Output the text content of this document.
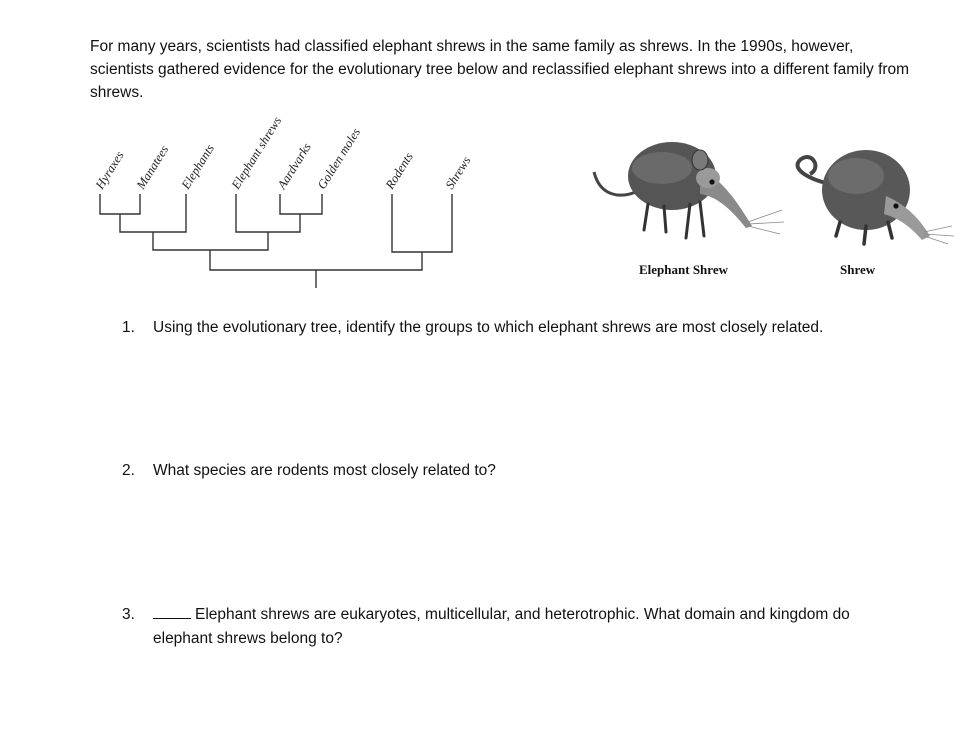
For many years, scientists had classified elephant shrews in the same family as shrews. In the 1990s, however, scientists gathered evidence for the evolutionary tree below and reclassified elephant shrews into a different family from shrews.

Hyraxes Manatees Elephants Elephant shrews
Aardvarks Golden moles Rodents Shrews
Elephant Shrew	Shrew
1. Using the evolutionary tree, identify the groups to which elephant shrews are most closely related.
2. What species are rodents most closely related to?
3.	Elephant shrews are eukaryotes, multicellular, and heterotrophic. What domain and kingdom do elephant shrews belong to?
